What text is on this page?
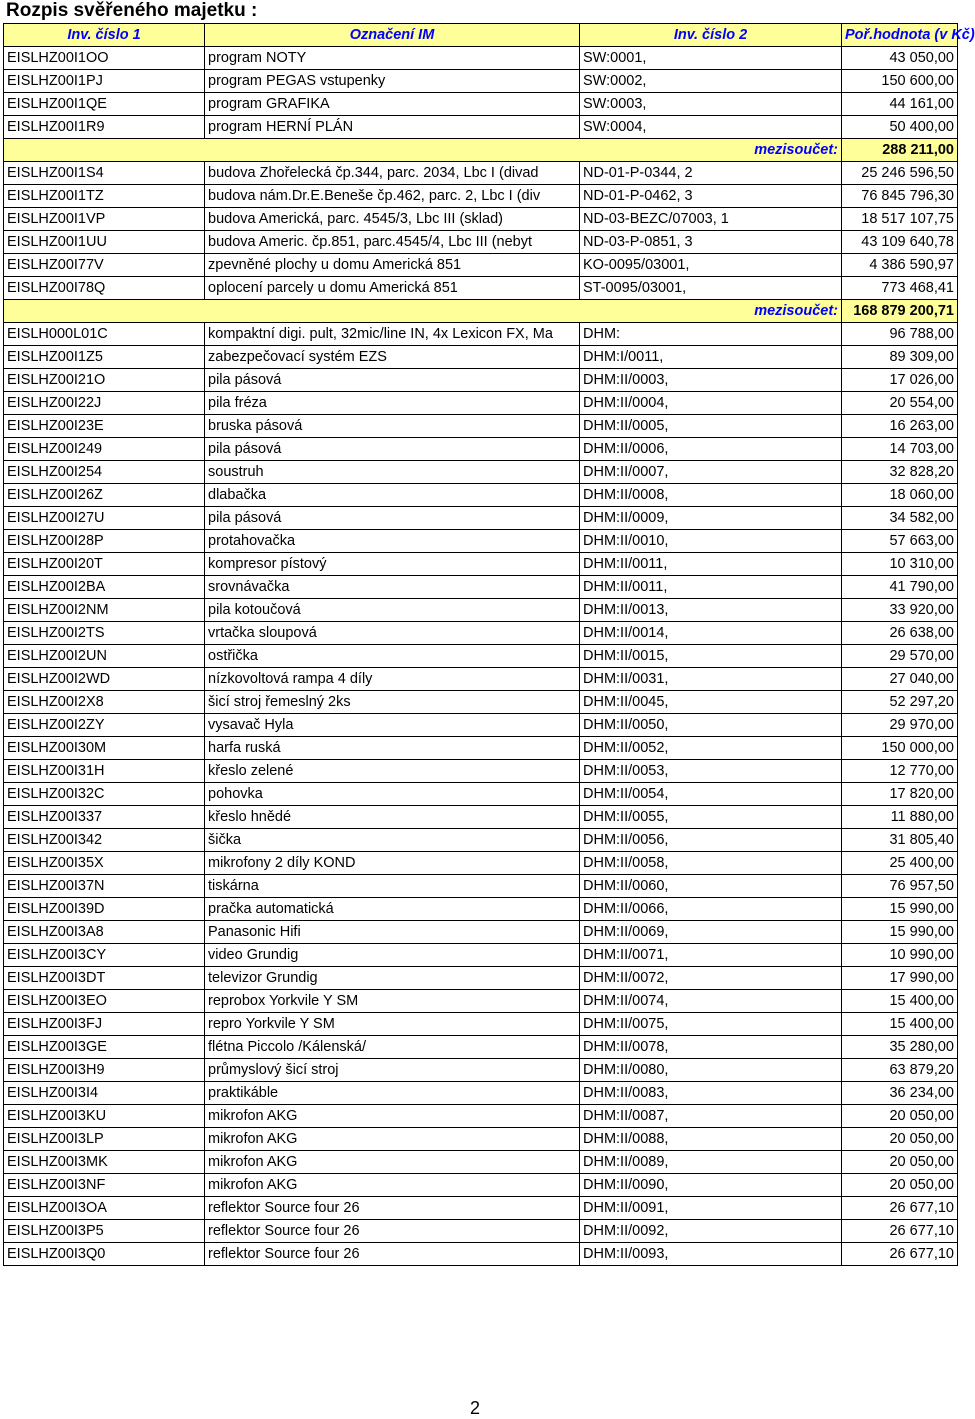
Rozpis svěřeného majetku :
Inv. číslo 1	Označení IM	Inv. číslo 2	Poř.hodnota (v Kč)
EISLHZ00I1OO	program NOTY	SW:0001,	43 050,00
EISLHZ00I1PJ	program PEGAS vstupenky	SW:0002,	150 600,00
EISLHZ00I1QE	program GRAFIKA	SW:0003,	44 161,00
EISLHZ00I1R9	program HERNÍ PLÁN	SW:0004,	50 400,00
mezisoučet:			288 211,00
EISLHZ00I1S4	budova Zhořelecká čp.344, parc. 2034, Lbc I (divad	ND-01-P-0344, 2	25 246 596,50
EISLHZ00I1TZ	budova nám.Dr.E.Beneše čp.462, parc. 2, Lbc I (div	ND-01-P-0462, 3	76 845 796,30
EISLHZ00I1VP	budova Americká, parc. 4545/3, Lbc III (sklad)	ND-03-BEZC/07003, 1	18 517 107,75
EISLHZ00I1UU	budova Americ. čp.851, parc.4545/4, Lbc III (nebyt	ND-03-P-0851, 3	43 109 640,78
EISLHZ00I77V	zpevněné plochy u domu Americká 851	KO-0095/03001,	4 386 590,97
EISLHZ00I78Q	oplocení parcely u domu Americká 851	ST-0095/03001,	773 468,41
mezisoučet:			168 879 200,71
EISLH000L01C	kompaktní digi. pult, 32mic/line IN, 4x Lexicon FX, Ma	DHM:	96 788,00
EISLHZ00I1Z5	zabezpečovací systém EZS	DHM:I/0011,	89 309,00
EISLHZ00I21O	pila pásová	DHM:II/0003,	17 026,00
EISLHZ00I22J	pila fréza	DHM:II/0004,	20 554,00
EISLHZ00I23E	bruska pásová	DHM:II/0005,	16 263,00
EISLHZ00I249	pila pásová	DHM:II/0006,	14 703,00
EISLHZ00I254	soustruh	DHM:II/0007,	32 828,20
EISLHZ00I26Z	dlabačka	DHM:II/0008,	18 060,00
EISLHZ00I27U	pila pásová	DHM:II/0009,	34 582,00
EISLHZ00I28P	protahovačka	DHM:II/0010,	57 663,00
EISLHZ00I20T	kompresor pístový	DHM:II/0011,	10 310,00
EISLHZ00I2BA	srovnávačka	DHM:II/0011,	41 790,00
EISLHZ00I2NM	pila kotoučová	DHM:II/0013,	33 920,00
EISLHZ00I2TS	vrtačka sloupová	DHM:II/0014,	26 638,00
EISLHZ00I2UN	ostřička	DHM:II/0015,	29 570,00
EISLHZ00I2WD	nízkovoltová rampa 4 díly	DHM:II/0031,	27 040,00
EISLHZ00I2X8	šicí stroj řemeslný 2ks	DHM:II/0045,	52 297,20
EISLHZ00I2ZY	vysavač Hyla	DHM:II/0050,	29 970,00
EISLHZ00I30M	harfa ruská	DHM:II/0052,	150 000,00
EISLHZ00I31H	křeslo zelené	DHM:II/0053,	12 770,00
EISLHZ00I32C	pohovka	DHM:II/0054,	17 820,00
EISLHZ00I337	křeslo hnědé	DHM:II/0055,	11 880,00
EISLHZ00I342	šička	DHM:II/0056,	31 805,40
EISLHZ00I35X	mikrofony 2 díly KOND	DHM:II/0058,	25 400,00
EISLHZ00I37N	tiskárna	DHM:II/0060,	76 957,50
EISLHZ00I39D	pračka automatická	DHM:II/0066,	15 990,00
EISLHZ00I3A8	Panasonic Hifi	DHM:II/0069,	15 990,00
EISLHZ00I3CY	video Grundig	DHM:II/0071,	10 990,00
EISLHZ00I3DT	televizor Grundig	DHM:II/0072,	17 990,00
EISLHZ00I3EO	reprobox Yorkvile Y SM	DHM:II/0074,	15 400,00
EISLHZ00I3FJ	repro Yorkvile Y SM	DHM:II/0075,	15 400,00
EISLHZ00I3GE	flétna Piccolo /Kálenská/	DHM:II/0078,	35 280,00
EISLHZ00I3H9	průmyslový šicí stroj	DHM:II/0080,	63 879,20
EISLHZ00I3I4	praktikáble	DHM:II/0083,	36 234,00
EISLHZ00I3KU	mikrofon AKG	DHM:II/0087,	20 050,00
EISLHZ00I3LP	mikrofon AKG	DHM:II/0088,	20 050,00
EISLHZ00I3MK	mikrofon AKG	DHM:II/0089,	20 050,00
EISLHZ00I3NF	mikrofon AKG	DHM:II/0090,	20 050,00
EISLHZ00I3OA	reflektor Source four 26	DHM:II/0091,	26 677,10
EISLHZ00I3P5	reflektor Source four 26	DHM:II/0092,	26 677,10
EISLHZ00I3Q0	reflektor Source four 26	DHM:II/0093,	26 677,10
2
